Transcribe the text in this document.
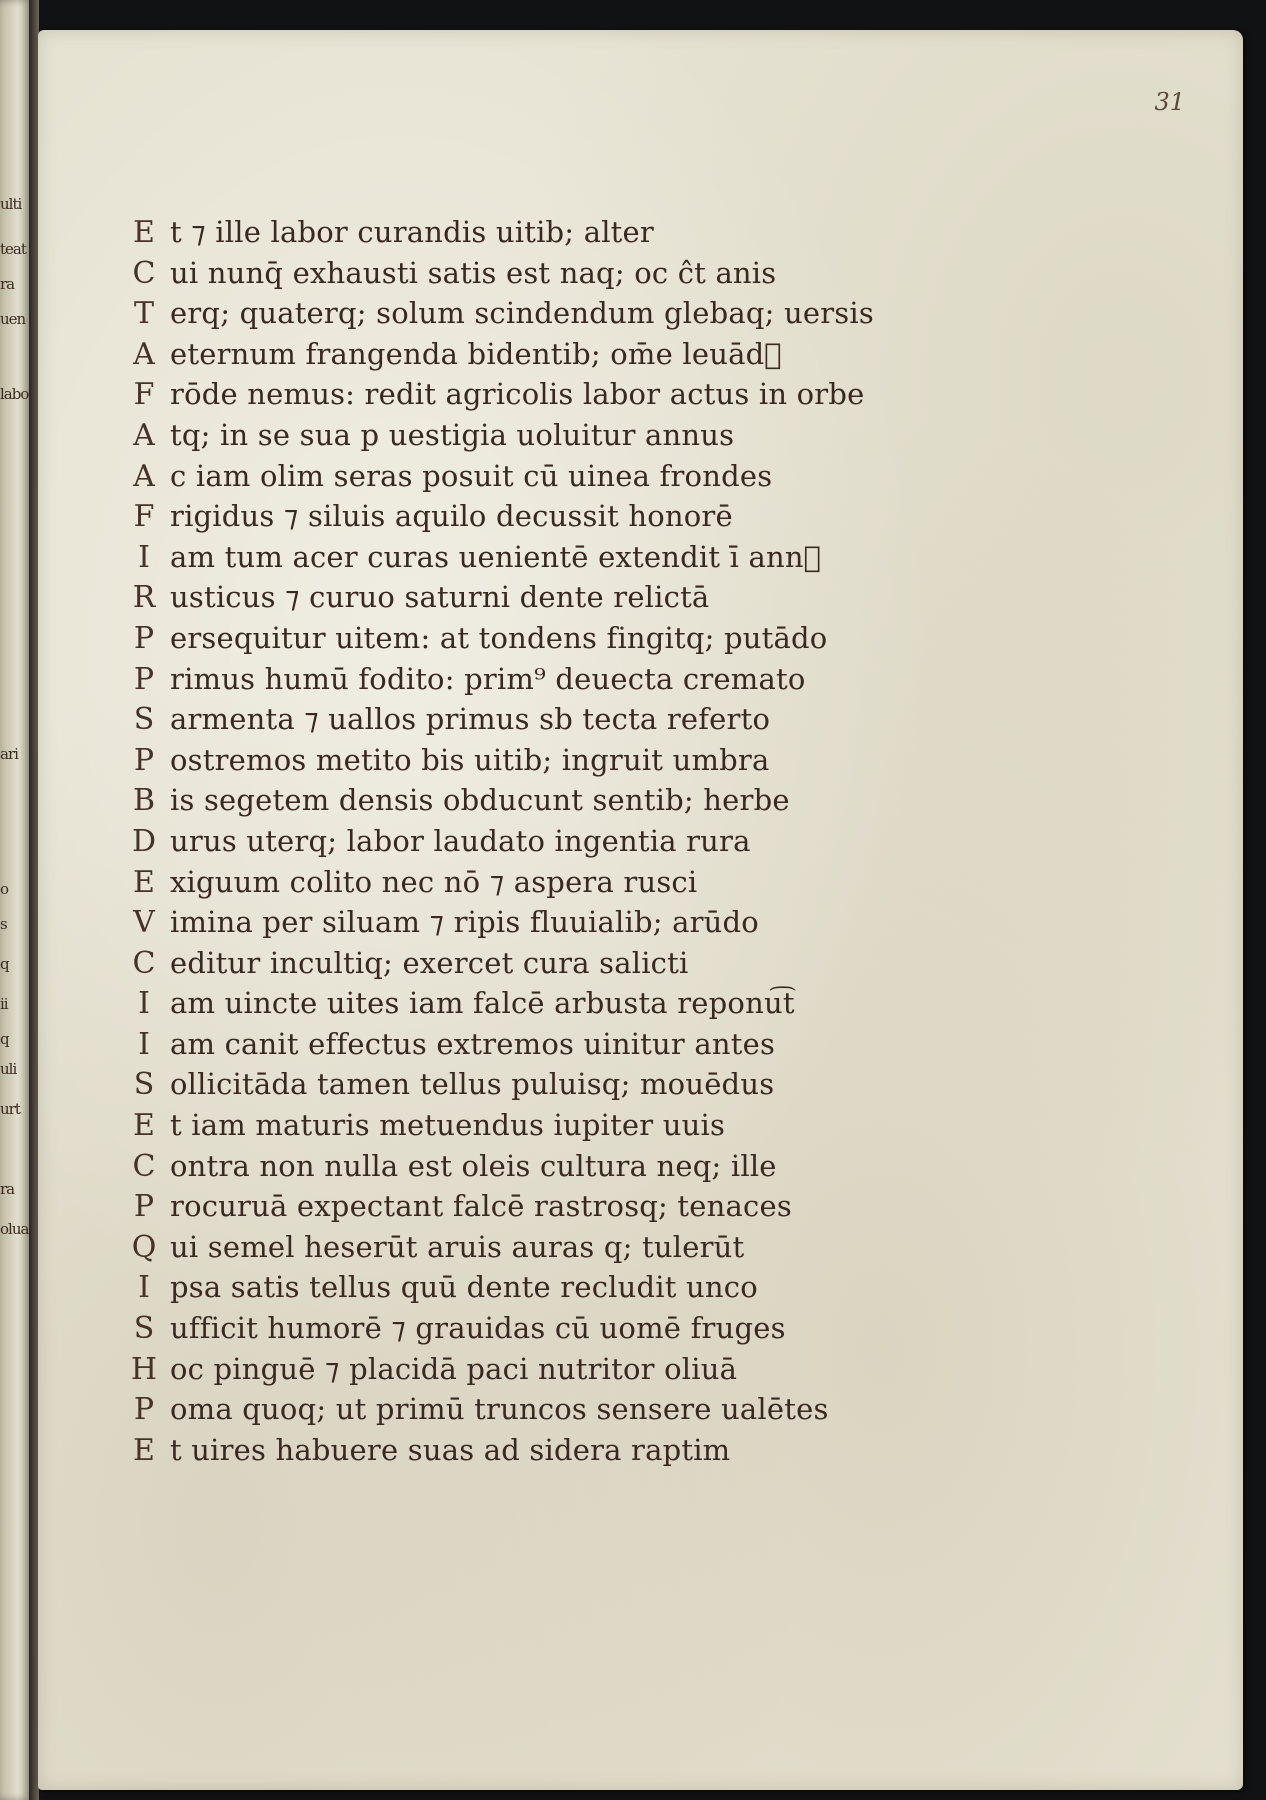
ulti
teat
ra
uen
labo
ari
o
s
q
ii
q
uli
urt
ra
olua
31
E t ⁊ ille labor curandis uitib; alter
C ui nunq̄ exhausti satis est naq; oc ĉt anis
T erq; quaterq; solum scindendum glebaq; uersis
A eternum frangenda bidentib; om̄e leuād᷑
F rōde nemus: redit agricolis labor actus in orbe
A tq; in se sua p uestigia uoluitur annus
A c iam olim seras posuit cū uinea frondes
F rigidus ⁊ siluis aquilo decussit honorē
I am tum acer curas uenientē extendit ī ann᷑
R usticus ⁊ curuo saturni dente relictā
P ersequitur uitem: at tondens fingitq; putādo
P rimus humū fodito: prim⁹ deuecta cremato
S armenta ⁊ uallos primus sb tecta referto
P ostremos metito bis uitib; ingruit umbra
B is segetem densis obducunt sentib; herbe
D urus uterq; labor laudato ingentia rura
E xiguum colito nec nō ⁊ aspera rusci
V imina per siluam ⁊ ripis fluuialib; arūdo
C editur incultiq; exercet cura salicti
I am uincte uites iam falcē arbusta reponu͡t
I am canit effectus extremos uinitur antes
S ollicitāda tamen tellus puluisq; mouēdus
E t iam maturis metuendus iupiter uuis
C ontra non nulla est oleis cultura neq; ille
P rocuruā expectant falcē rastrosq; tenaces
Q ui semel heserūt aruis auras q; tulerūt
I psa satis tellus quū dente recludit unco
S ufficit humorē ⁊ grauidas cū uomē fruges
H oc pinguē ⁊ placidā paci nutritor oliuā
P oma quoq; ut primū truncos sensere ualētes
E t uires habuere suas ad sidera raptim
